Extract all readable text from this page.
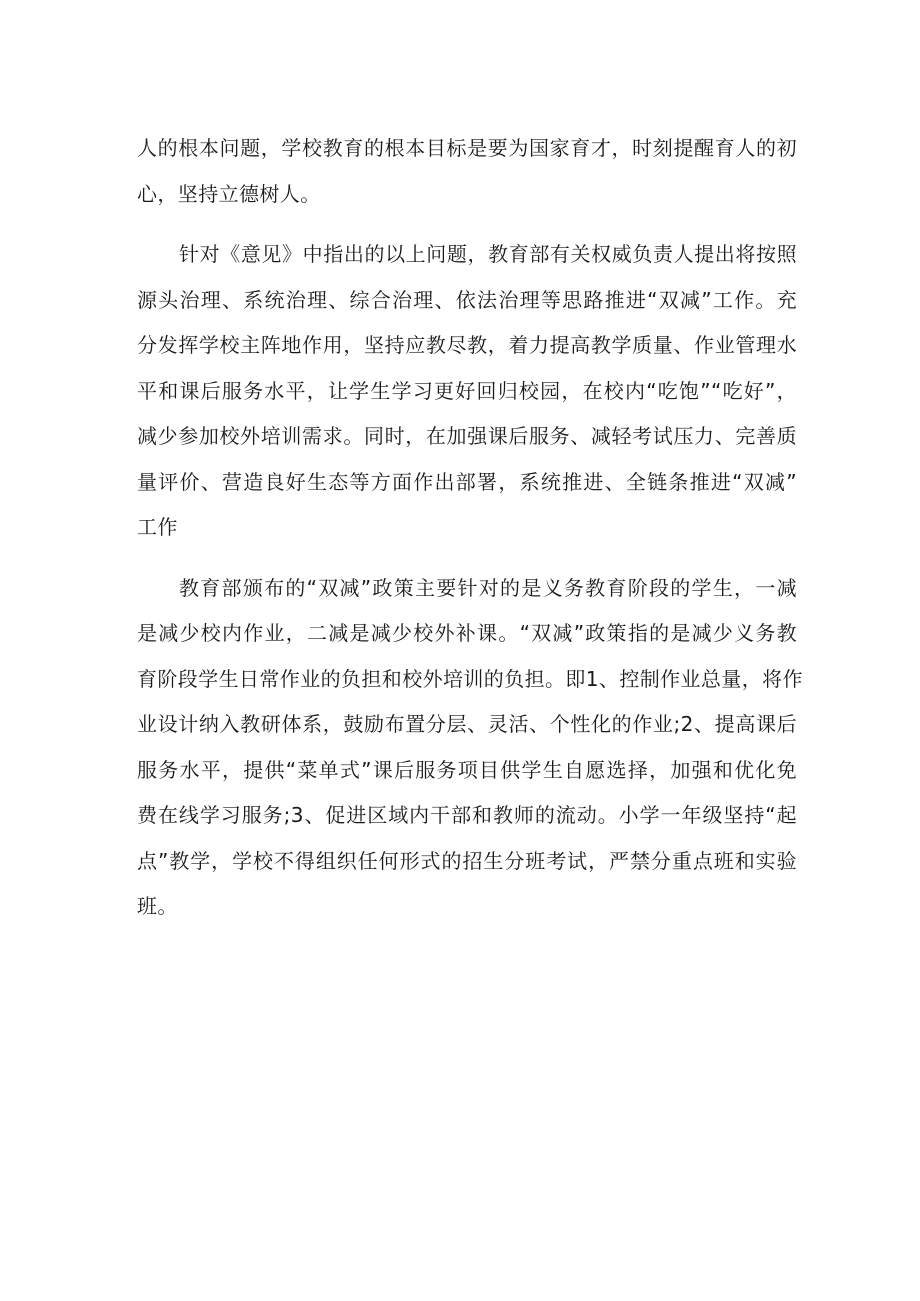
人的根本问题，学校教育的根本目标是要为国家育才，时刻提醒育人的初
心，坚持立德树人。
针对《意见》中指出的以上问题，教育部有关权威负责人提出将按照
源头治理、系统治理、综合治理、依法治理等思路推进“双减”工作。充
分发挥学校主阵地作用，坚持应教尽教，着力提高教学质量、作业管理水
平和课后服务水平，让学生学习更好回归校园，在校内“吃饱”“吃好”，
减少参加校外培训需求。同时，在加强课后服务、减轻考试压力、完善质
量评价、营造良好生态等方面作出部署，系统推进、全链条推进“双减”
工作
教育部颁布的“双减”政策主要针对的是义务教育阶段的学生，一减
是减少校内作业，二减是减少校外补课。“双减”政策指的是减少义务教
育阶段学生日常作业的负担和校外培训的负担。即1、控制作业总量，将作
业设计纳入教研体系，鼓励布置分层、灵活、个性化的作业;2、提高课后
服务水平，提供“菜单式”课后服务项目供学生自愿选择，加强和优化免
费在线学习服务;3、促进区域内干部和教师的流动。小学一年级坚持“起
点”教学，学校不得组织任何形式的招生分班考试，严禁分重点班和实验
班。
